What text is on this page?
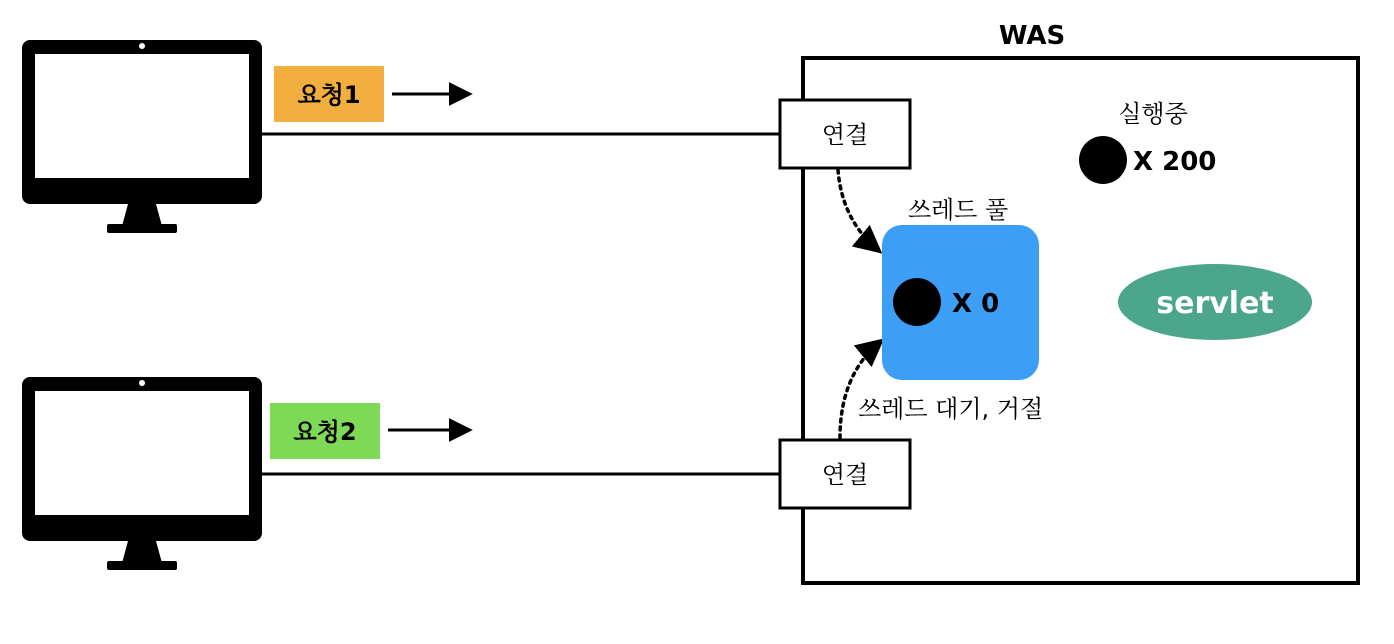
WAS
요청1
요청2
연결
연결
쓰레드 풀
X 0
쓰레드 대기, 거절
실행중
X 200
servlet
